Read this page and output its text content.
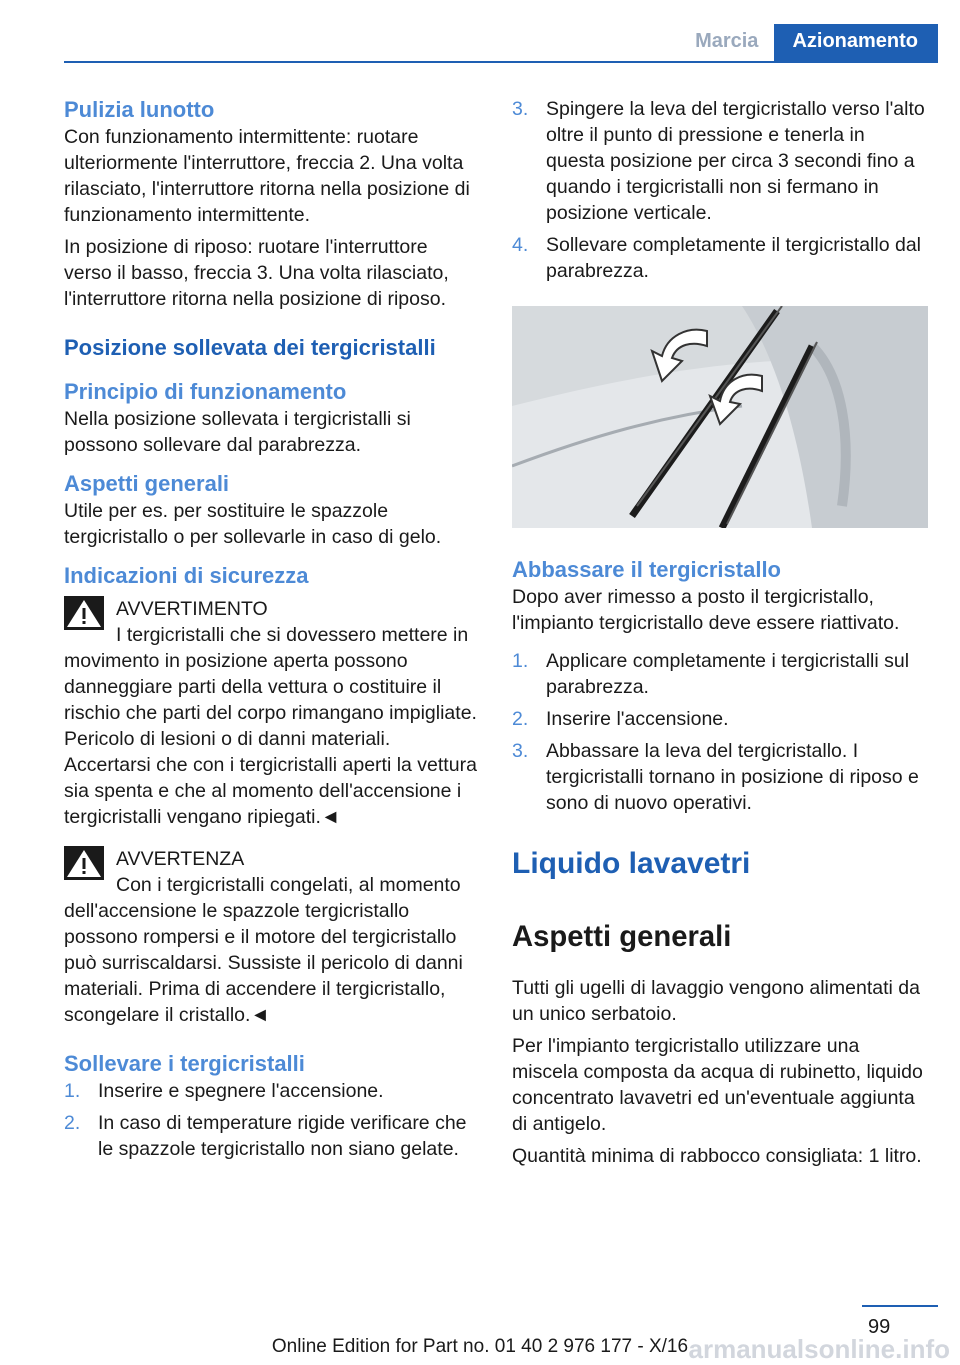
Marcia	Azionamento
Pulizia lunotto

Con funzionamento intermittente: ruotare ulteriormente l'interruttore, freccia 2. Una volta rilasciato, l'interruttore ritorna nella posizione di funzionamento intermittente.

In posizione di riposo: ruotare l'interruttore verso il basso, freccia 3. Una volta rilasciato, l'interruttore ritorna nella posizione di riposo.

Posizione sollevata dei tergicristalli
Principio di funzionamento

Nella posizione sollevata i tergicristalli si possono sollevare dal parabrezza.

Aspetti generali

Utile per es. per sostituire le spazzole tergicristallo o per sollevarle in caso di gelo.

Indicazioni di sicurezza
AVVERTIMENTO

I tergicristalli che si dovessero mettere in movimento in posizione aperta possono danneggiare parti della vettura o costituire il rischio che parti del corpo rimangano impigliate. Pericolo di lesioni o di danni materiali. Accertarsi che con i tergicristalli aperti la vettura sia spenta e che al momento dell'accensione i tergicristalli vengano ripiegati.◄

AVVERTENZA

Con i tergicristalli congelati, al momento dell'accensione le spazzole tergicristallo possono rompersi e il motore del tergicristallo può surriscaldarsi. Sussiste il pericolo di danni materiali. Prima di accendere il tergicristallo, scongelare il cristallo.◄

Sollevare i tergicristalli
1. Inserire e spegnere l'accensione.
2. In caso di temperature rigide verificare che le spazzole tergicristallo non siano gelate.
3. Spingere la leva del tergicristallo verso l'alto oltre il punto di pressione e tenerla in questa posizione per circa 3 secondi fino a quando i tergicristalli non si fermano in posizione verticale.
4. Sollevare completamente il tergicristallo dal parabrezza.
Abbassare il tergicristallo

Dopo aver rimesso a posto il tergicristallo, l'impianto tergicristallo deve essere riattivato.

1. Applicare completamente i tergicristalli sul parabrezza.
2. Inserire l'accensione.
3. Abbassare la leva del tergicristallo. I tergicristalli tornano in posizione di riposo e sono di nuovo operativi.
Liquido lavavetri
Aspetti generali

Tutti gli ugelli di lavaggio vengono alimentati da un unico serbatoio.

Per l'impianto tergicristallo utilizzare una miscela composta da acqua di rubinetto, liquido concentrato lavavetri ed un'eventuale aggiunta di antigelo.

Quantità minima di rabbocco consigliata: 1 litro.

99
Online Edition for Part no. 01 40 2 976 177 - X/16 armanualsonline.info
